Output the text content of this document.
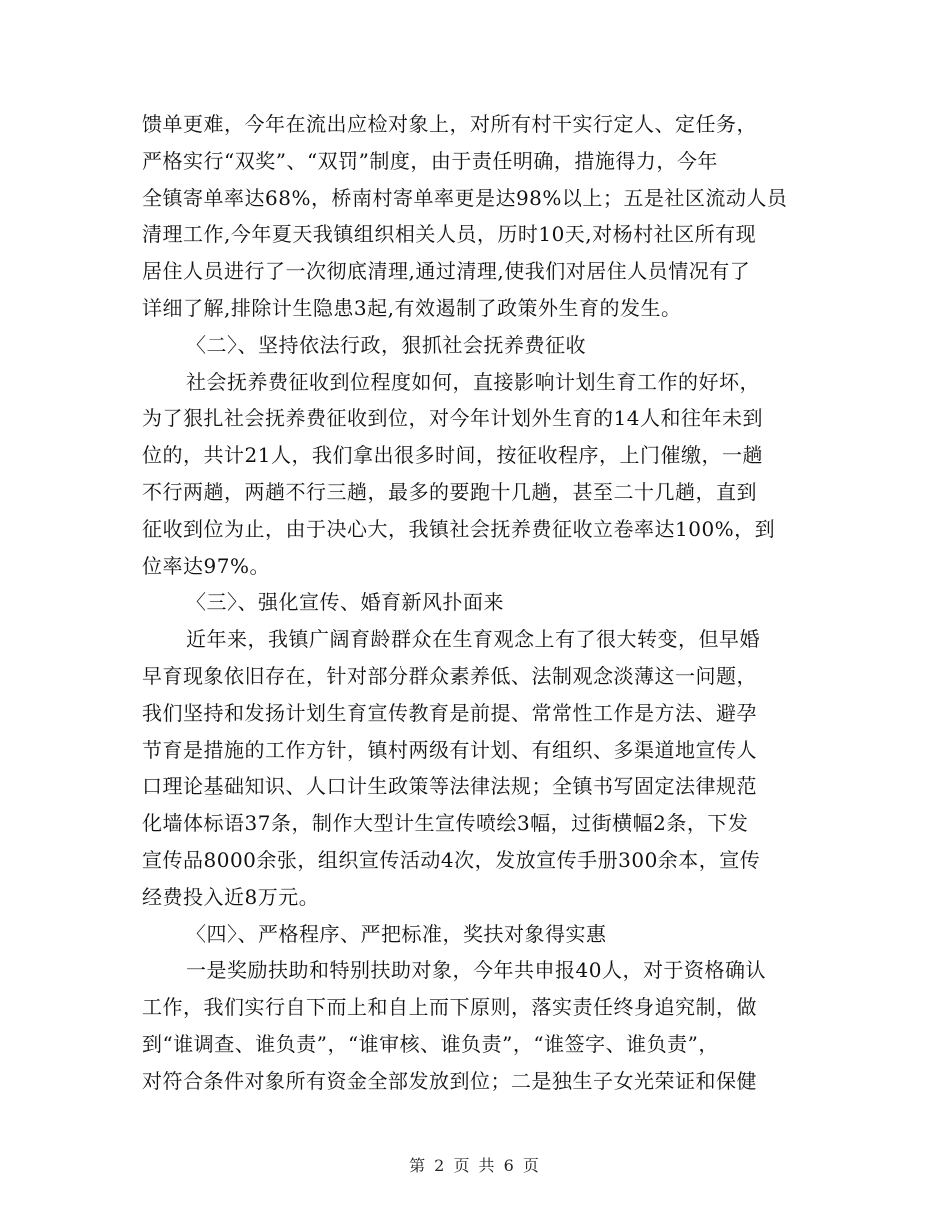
馈单更难，今年在流出应检对象上，对所有村干实行定人、定任务，
严格实行“双奖”、“双罚”制度，由于责任明确，措施得力，今年
全镇寄单率达68%，桥南村寄单率更是达98%以上；五是社区流动人员
清理工作,今年夏天我镇组织相关人员，历时10天,对杨村社区所有现
居住人员进行了一次彻底清理,通过清理,使我们对居住人员情况有了
详细了解,排除计生隐患3起,有效遏制了政策外生育的发生。
〈二〉、坚持依法行政，狠抓社会抚养费征收
社会抚养费征收到位程度如何，直接影响计划生育工作的好坏，
为了狠扎社会抚养费征收到位，对今年计划外生育的14人和往年未到
位的，共计21人，我们拿出很多时间，按征收程序，上门催缴，一趟
不行两趟，两趟不行三趟，最多的要跑十几趟，甚至二十几趟，直到
征收到位为止，由于决心大，我镇社会抚养费征收立卷率达100%，到
位率达97%。
〈三〉、强化宣传、婚育新风扑面来
近年来，我镇广阔育龄群众在生育观念上有了很大转变，但早婚
早育现象依旧存在，针对部分群众素养低、法制观念淡薄这一问题，
我们坚持和发扬计划生育宣传教育是前提、常常性工作是方法、避孕
节育是措施的工作方针，镇村两级有计划、有组织、多渠道地宣传人
口理论基础知识、人口计生政策等法律法规；全镇书写固定法律规范
化墙体标语37条，制作大型计生宣传喷绘3幅，过街横幅2条，下发
宣传品8000余张，组织宣传活动4次，发放宣传手册300余本，宣传
经费投入近8万元。
〈四〉、严格程序、严把标准，奖扶对象得实惠
一是奖励扶助和特别扶助对象，今年共申报40人，对于资格确认
工作，我们实行自下而上和自上而下原则，落实责任终身追究制，做
到“谁调查、谁负责”，“谁审核、谁负责”，“谁签字、谁负责”，
对符合条件对象所有资金全部发放到位；二是独生子女光荣证和保健
第 2 页 共 6 页
